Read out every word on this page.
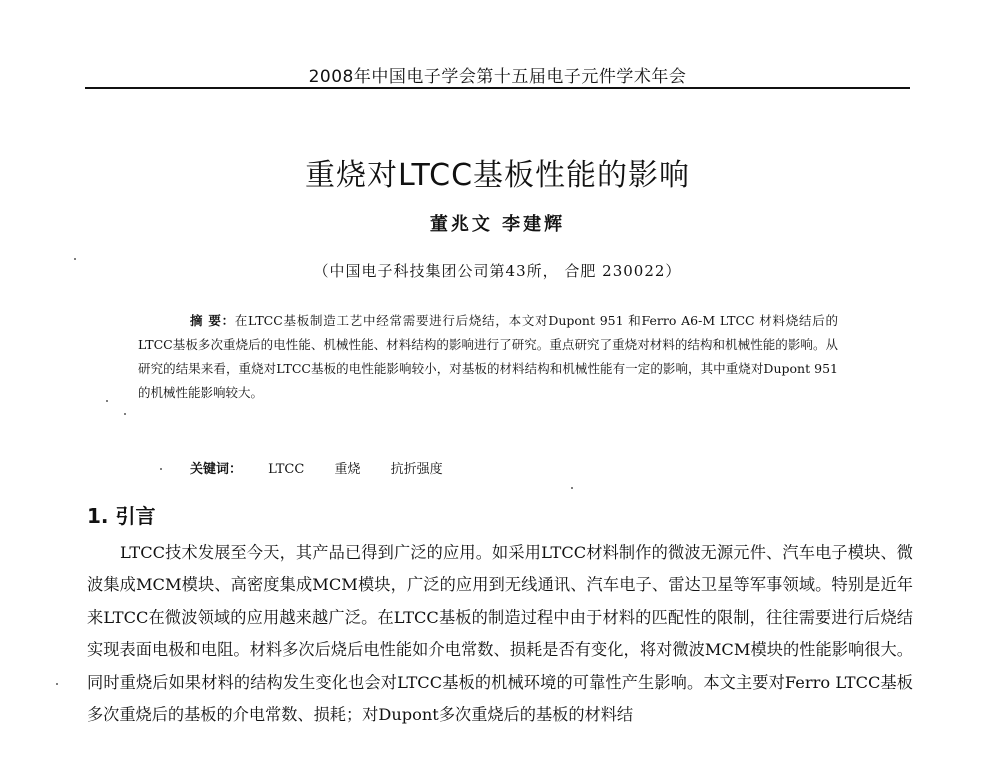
2008年中国电子学会第十五届电子元件学术年会
重烧对LTCC基板性能的影响
董兆文 李建辉
（中国电子科技集团公司第43所， 合肥 230022）
摘 要：在LTCC基板制造工艺中经常需要进行后烧结，本文对Dupont 951 和Ferro A6-M LTCC 材料烧结后的LTCC基板多次重烧后的电性能、机械性能、材料结构的影响进行了研究。重点研究了重烧对材料的结构和机械性能的影响。从研究的结果来看，重烧对LTCC基板的电性能影响较小，对基板的材料结构和机械性能有一定的影响，其中重烧对Dupont 951 的机械性能影响较大。
关键词： LTCC 重烧 抗折强度
1. 引言
LTCC技术发展至今天，其产品已得到广泛的应用。如采用LTCC材料制作的微波无源元件、汽车电子模块、微波集成MCM模块、高密度集成MCM模块，广泛的应用到无线通讯、汽车电子、雷达卫星等军事领域。特别是近年来LTCC在微波领域的应用越来越广泛。在LTCC基板的制造过程中由于材料的匹配性的限制，往往需要进行后烧结实现表面电极和电阻。材料多次后烧后电性能如介电常数、损耗是否有变化，将对微波MCM模块的性能影响很大。同时重烧后如果材料的结构发生变化也会对LTCC基板的机械环境的可靠性产生影响。本文主要对Ferro LTCC基板多次重烧后的基板的介电常数、损耗；对Dupont多次重烧后的基板的材料结
